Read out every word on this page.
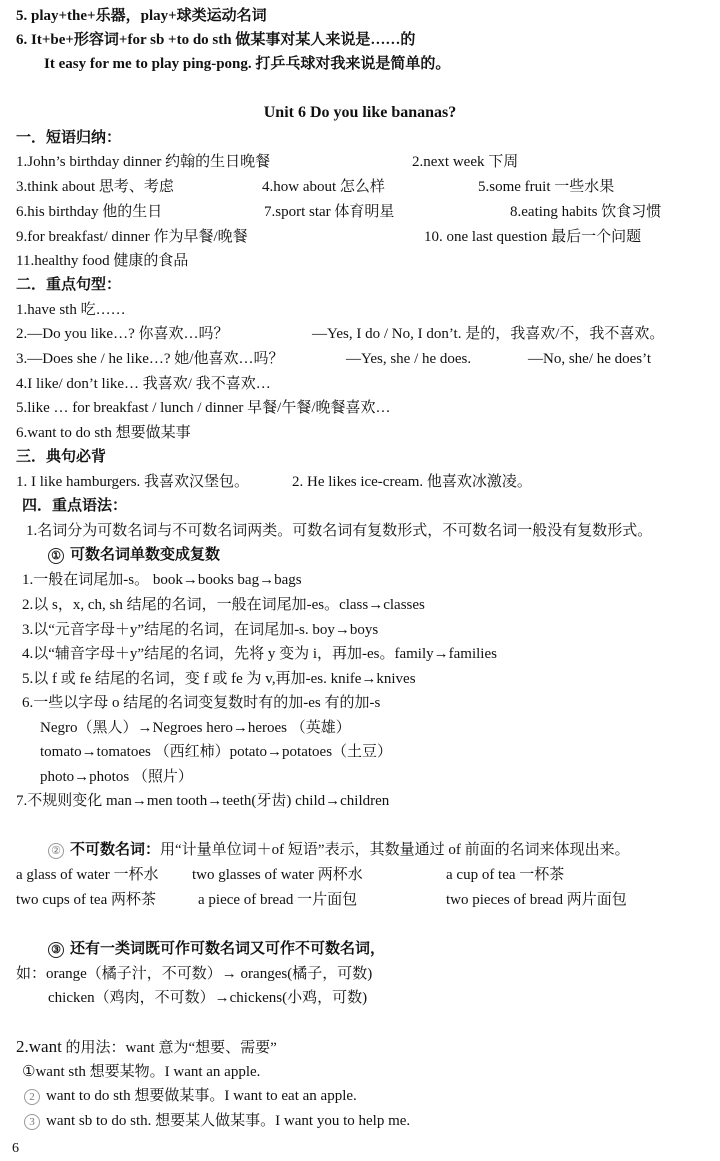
5. play+the+乐器，play+球类运动名词
6. It+be+形容词+for sb +to do sth 做某事对某人来说是……的
It easy for me to play ping-pong. 打乒乓球对我来说是简单的。
Unit 6 Do you like bananas?
一．短语归纳：
1.John’s birthday dinner 约翰的生日晚餐	2.next week 下周
3.think about 思考、考虑	4.how about 怎么样	5.some fruit 一些水果
6.his birthday 他的生日	7.sport star 体育明星	8.eating habits 饮食习惯
9.for breakfast/ dinner 作为早餐/晚餐	10. one last question 最后一个问题
11.healthy food 健康的食品
二．重点句型：
1.have sth 吃……
2.—Do you like…? 你喜欢…吗？	—Yes, I do / No, I don’t. 是的，我喜欢/不，我不喜欢。
3.—Does she / he like…? 她/他喜欢…吗？	—Yes, she / he does.	—No, she/ he does’t
4.I like/ don’t like… 我喜欢/ 我不喜欢…
5.like … for breakfast / lunch / dinner 早餐/午餐/晚餐喜欢…
6.want to do sth 想要做某事
三．典句必背
1. I like hamburgers. 我喜欢汉堡包。	2. He likes ice-cream. 他喜欢冰激凌。
四．重点语法：
1.名词分为可数名词与不可数名词两类。可数名词有复数形式，不可数名词一般没有复数形式。
① 可数名词单数变成复数
1.一般在词尾加-s。 book→books bag→bags
2.以 s，x, ch, sh 结尾的名词，一般在词尾加-es。class→classes
3.以“元音字母＋y”结尾的名词，在词尾加-s. boy→boys
4.以“辅音字母＋y”结尾的名词，先将 y 变为 i，再加-es。family→families
5.以 f 或 fe 结尾的名词，变 f 或 fe 为 v,再加-es. knife→knives
6.一些以字母 o 结尾的名词变复数时有的加-es 有的加-s
Negro（黑人）→Negroes hero→heroes （英雄）
tomato→tomatoes （西红柿）potato→potatoes（土豆）
photo→photos （照片）
7.不规则变化 man→men tooth→teeth(牙齿) child→children
② 不可数名词：用“计量单位词＋of 短语”表示，其数量通过 of 前面的名词来体现出来。
a glass of water 一杯水 two glasses of water 两杯水	a cup of tea 一杯茶
two cups of tea 两杯茶	a piece of bread 一片面包	two pieces of bread 两片面包
③ 还有一类词既可作可数名词又可作不可数名词，
如：orange（橘子汁，不可数）→ oranges(橘子，可数)
chicken（鸡肉，不可数）→chickens(小鸡，可数)
2.want 的用法：want 意为“想要、需要”
①want sth 想要某物。I want an apple.
2 want to do sth 想要做某事。I want to eat an apple.
3 want sb to do sth. 想要某人做某事。I want you to help me.
6
